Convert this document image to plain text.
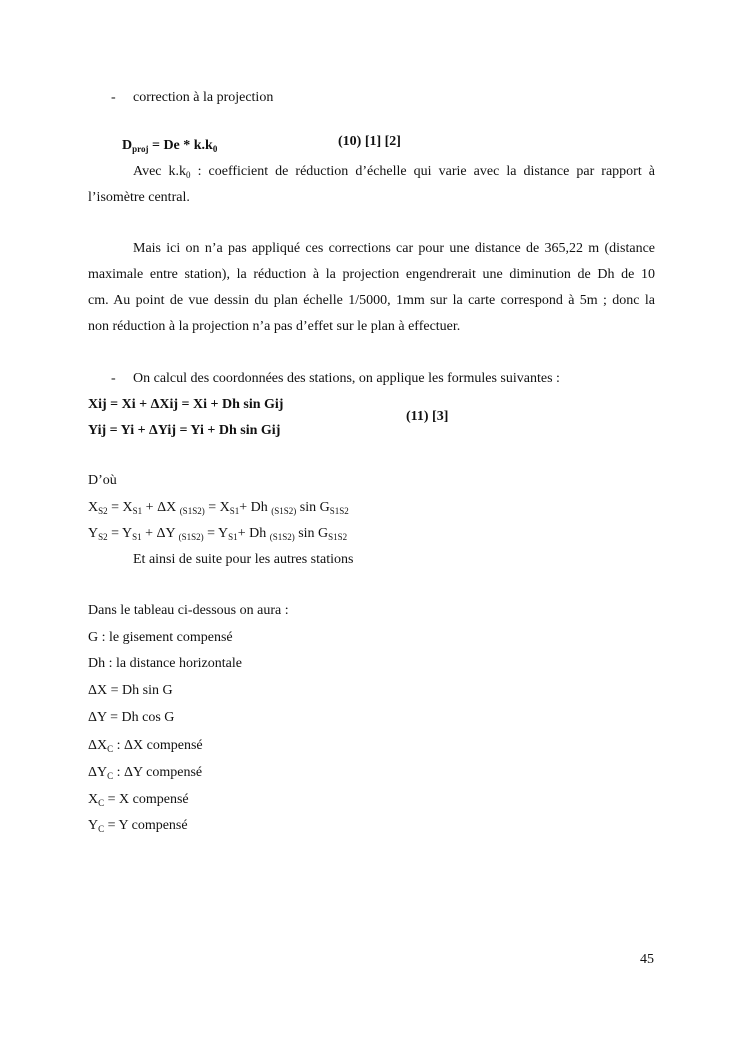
- correction à la projection
$D_{proj} = De * k.k_0$	(10) [1] [2]
Avec $k.k_0$ : coefficient de réduction d’échelle qui varie avec la distance par rapport à
l’isomètre central.
Mais ici on n’a pas appliqué ces corrections car pour une distance de 365,22 m (distance
maximale entre station), la réduction à la projection engendrerait une diminution de Dh de 10
cm. Au point de vue dessin du plan échelle 1/5000, 1mm sur la carte correspond à 5m ; donc la
non réduction à la projection n’a pas d’effet sur le plan à effectuer.
- On calcul des coordonnées des stations, on applique les formules suivantes :
Xij = Xi + ΔXij = Xi + Dh sin Gij
Yij = Yi + ΔYij = Yi + Dh sin Gij
(11) [3]
D’où
$X_{S2} = X_{S1} + \Delta X$ $_{(S1S2)} = X_{S1}+ Dh$ $_{(S1S2)}$ $\sin G_{S1S2}$
$Y_{S2} = Y_{S1} + \Delta Y$ $_{(S1S2)} = Y_{S1}+ Dh$ $_{(S1S2)}$ $\sin G_{S1S2}$
Et ainsi de suite pour les autres stations
Dans le tableau ci-dessous on aura :
G : le gisement compensé
Dh : la distance horizontale
ΔX = Dh sin G
ΔY = Dh cos G
$\Delta X_C$ : ΔX compensé
$\Delta Y_C$ : ΔY compensé
$X_C = X$ compensé
$Y_C = Y$ compensé
45
